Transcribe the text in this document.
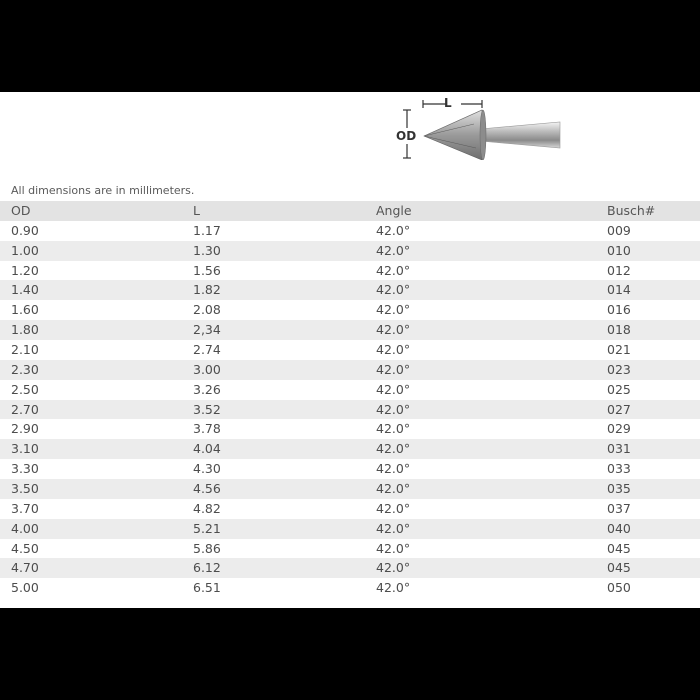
L
OD
All dimensions are in millimeters.
OD	L	Angle	Busch#
0.90	1.17	42.0°	009
1.00	1.30	42.0°	010
1.20	1.56	42.0°	012
1.40	1.82	42.0°	014
1.60	2.08	42.0°	016
1.80	2,34	42.0°	018
2.10	2.74	42.0°	021
2.30	3.00	42.0°	023
2.50	3.26	42.0°	025
2.70	3.52	42.0°	027
2.90	3.78	42.0°	029
3.10	4.04	42.0°	031
3.30	4.30	42.0°	033
3.50	4.56	42.0°	035
3.70	4.82	42.0°	037
4.00	5.21	42.0°	040
4.50	5.86	42.0°	045
4.70	6.12	42.0°	045
5.00	6.51	42.0°	050
